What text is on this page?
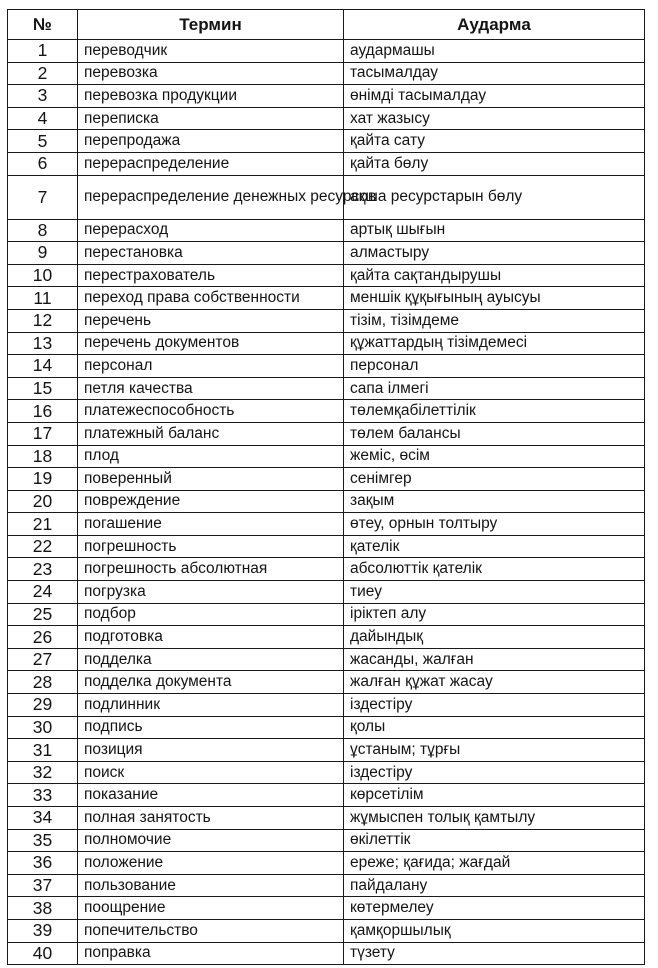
№	Термин	Аудармa
1	переводчик	аудармашы
2	перевозка	тасымалдау
3	перевозка продукции	өнімді тасымалдау
4	переписка	хат жазысу
5	перепродажа	қайта сату
6	перераспределение	қайта бөлу
7	перераспределение денежных ресурсов	ақша ресурстарын бөлу
8	перерасход	артық шығын
9	перестановка	алмастыру
10	перестрахователь	қайта сақтандырушы
11	переход права собственности	меншік құқығының ауысуы
12	перечень	тізім, тізімдеме
13	перечень документов	құжаттардың тізімдемесі
14	персонал	персонал
15	петля качества	сапа ілмегі
16	платежеспособность	төлемқабілеттілік
17	платежный баланс	төлем балансы
18	плод	жеміс, өсім
19	поверенный	сенімгер
20	повреждение	зақым
21	погашение	өтеу, орнын толтыру
22	погрешность	қателік
23	погрешность абсолютная	абсолюттік қателік
24	погрузка	тиеу
25	подбор	іріктеп алу
26	подготовка	дайындық
27	подделка	жасанды, жалған
28	подделка документа	жалған құжат жасау
29	подлинник	іздестіру
30	подпись	қолы
31	позиция	ұстаным; тұрғы
32	поиск	іздестіру
33	показание	көрсетілім
34	полная занятость	жұмыспен толық қамтылу
35	полномочие	өкілеттік
36	положение	ереже; қағида; жағдай
37	пользование	пайдалану
38	поощрение	көтермелеу
39	попечительство	қамқоршылық
40	поправка	түзету
